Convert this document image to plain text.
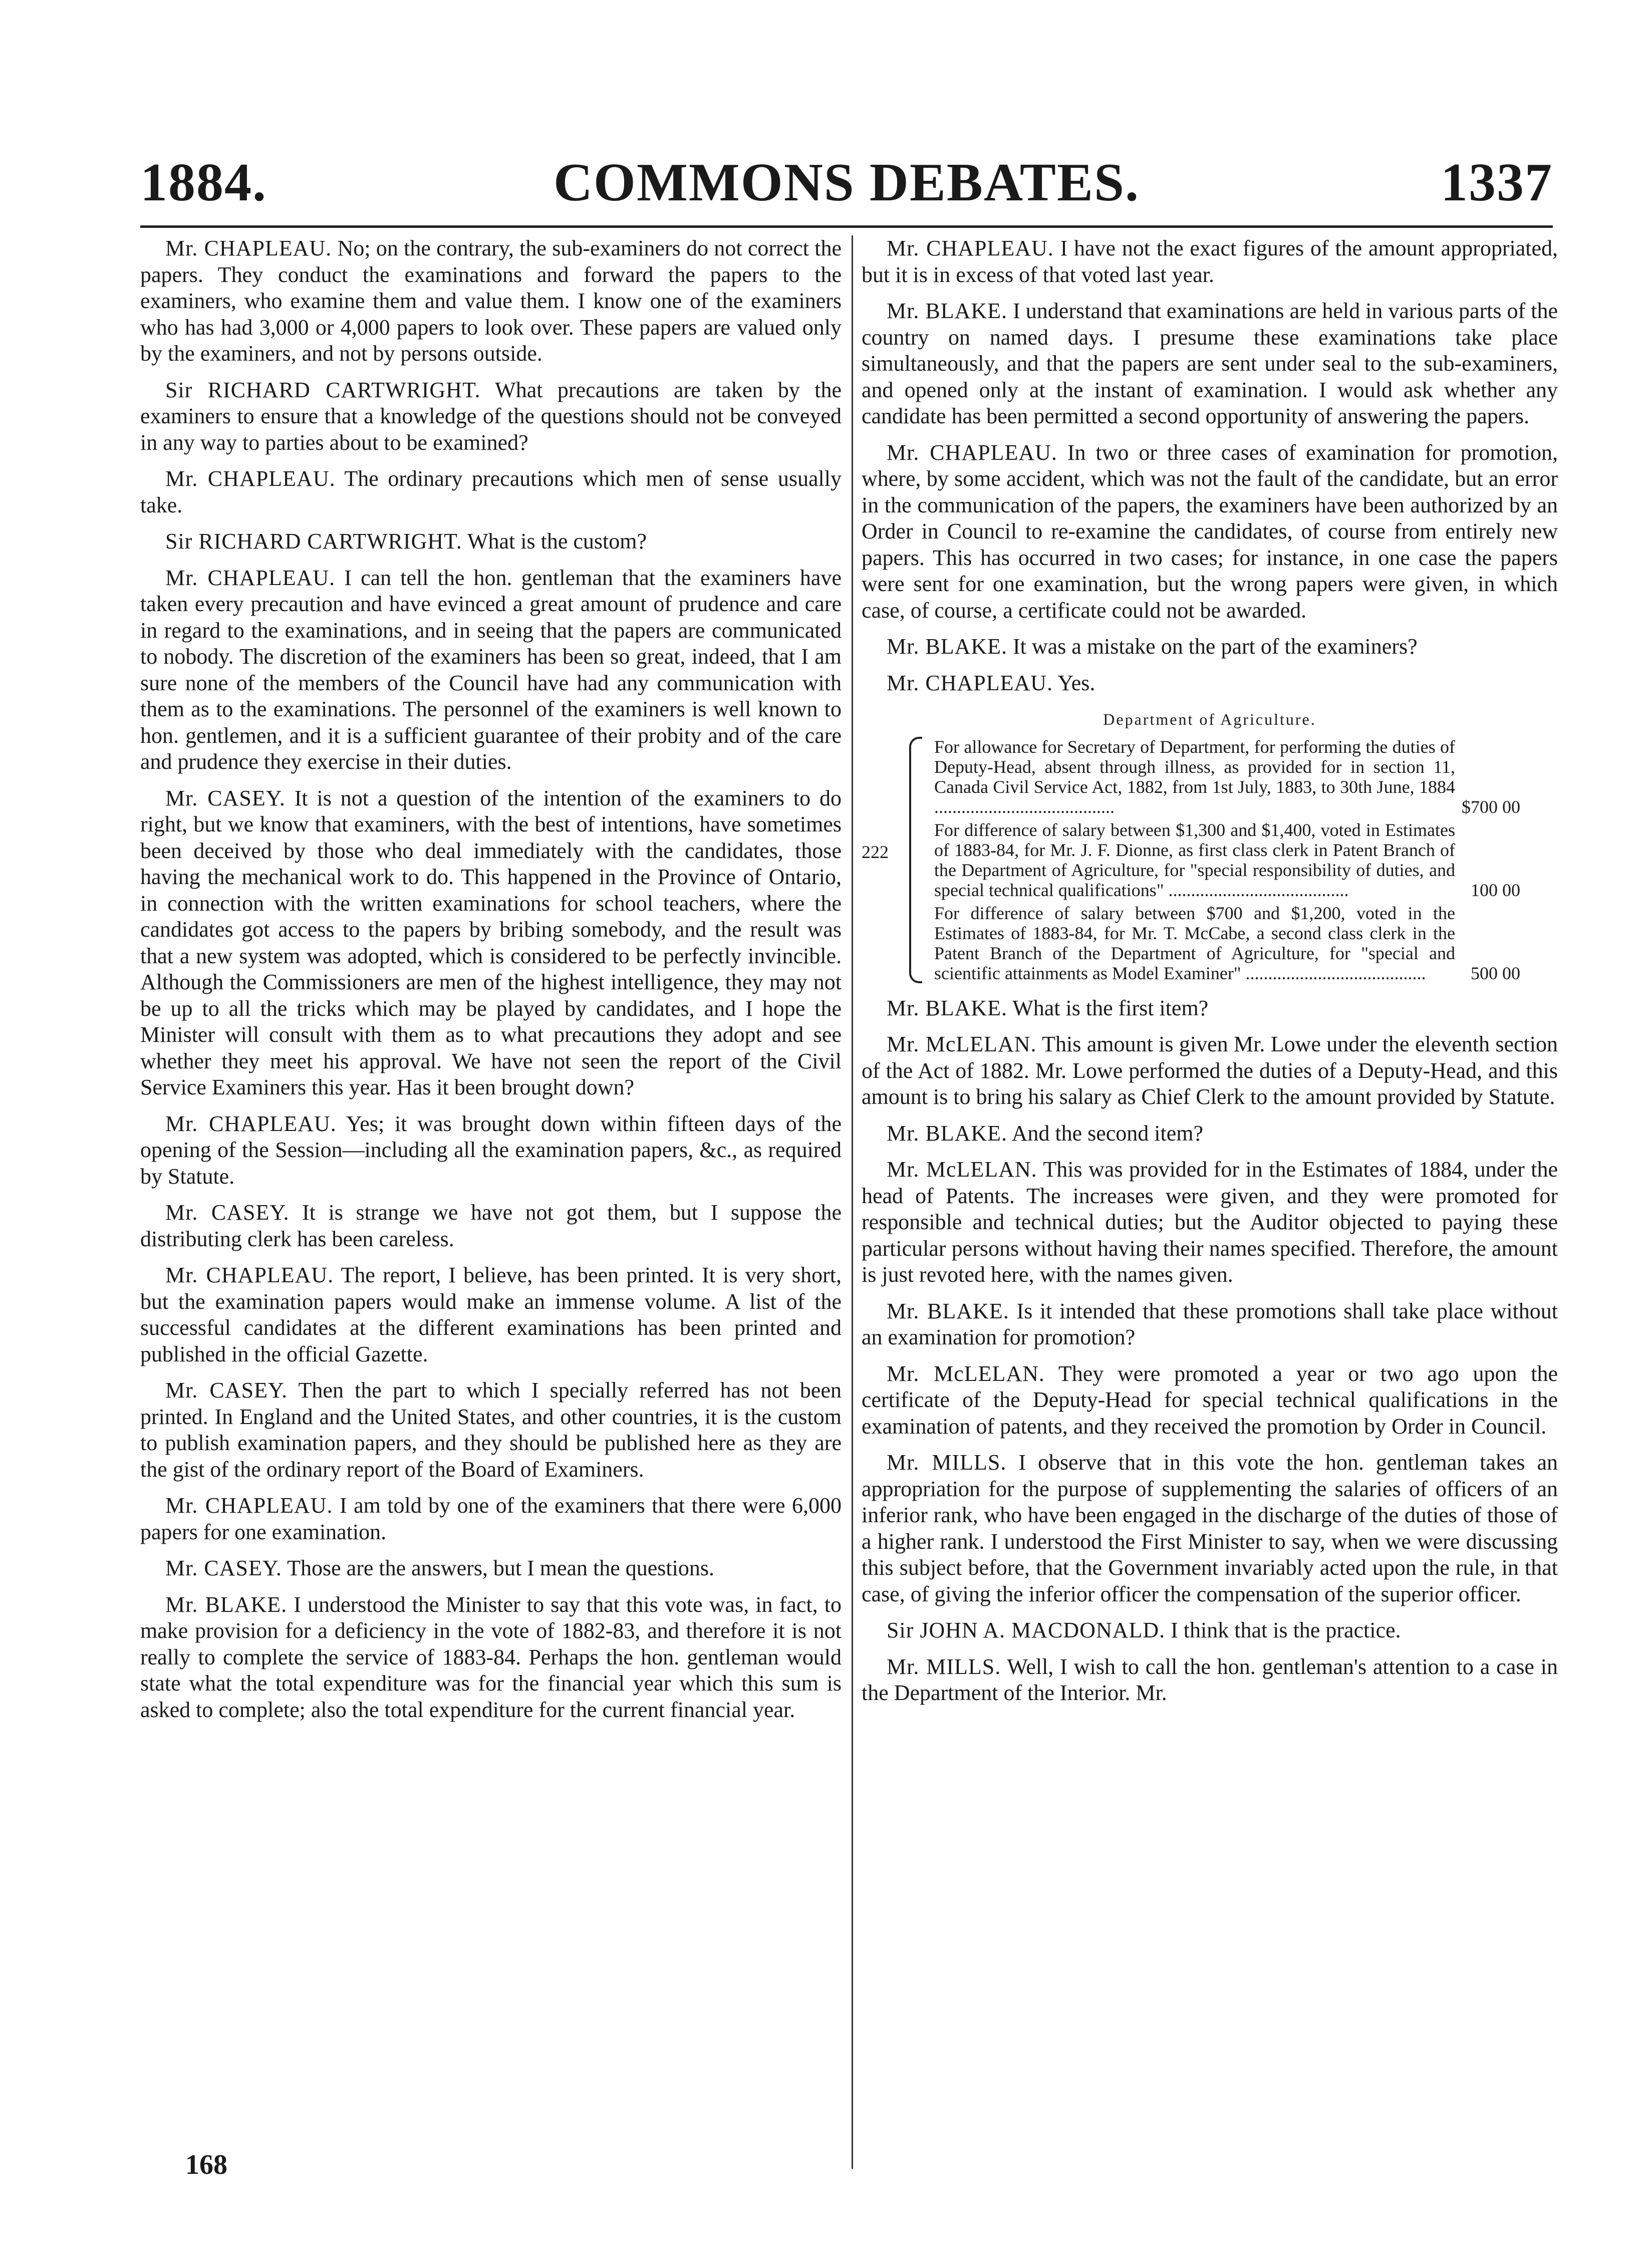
1884.	COMMONS DEBATES.	1337

Mr. CHAPLEAU. No; on the contrary, the sub-examiners do not correct the papers. They conduct the examinations and forward the papers to the examiners, who examine them and value them. I know one of the examiners who has had 3,000 or 4,000 papers to look over. These papers are valued only by the examiners, and not by persons outside.

Sir RICHARD CARTWRIGHT. What precautions are taken by the examiners to ensure that a knowledge of the questions should not be conveyed in any way to parties about to be examined?

Mr. CHAPLEAU. The ordinary precautions which men of sense usually take.

Sir RICHARD CARTWRIGHT. What is the custom?

Mr. CHAPLEAU. I can tell the hon. gentleman that the examiners have taken every precaution and have evinced a great amount of prudence and care in regard to the examinations, and in seeing that the papers are communicated to nobody. The discretion of the examiners has been so great, indeed, that I am sure none of the members of the Council have had any communication with them as to the examinations. The personnel of the examiners is well known to hon. gentlemen, and it is a sufficient guarantee of their probity and of the care and prudence they exercise in their duties.

Mr. CASEY. It is not a question of the intention of the examiners to do right, but we know that examiners, with the best of intentions, have sometimes been deceived by those who deal immediately with the candidates, those having the mechanical work to do. This happened in the Province of Ontario, in connection with the written examinations for school teachers, where the candidates got access to the papers by bribing somebody, and the result was that a new system was adopted, which is considered to be perfectly invincible. Although the Commissioners are men of the highest intelligence, they may not be up to all the tricks which may be played by candidates, and I hope the Minister will consult with them as to what precautions they adopt and see whether they meet his approval. We have not seen the report of the Civil Service Examiners this year. Has it been brought down?

Mr. CHAPLEAU. Yes; it was brought down within fifteen days of the opening of the Session—including all the examination papers, &c., as required by Statute.

Mr. CASEY. It is strange we have not got them, but I suppose the distributing clerk has been careless.

Mr. CHAPLEAU. The report, I believe, has been printed. It is very short, but the examination papers would make an immense volume. A list of the successful candidates at the different examinations has been printed and published in the official Gazette.

Mr. CASEY. Then the part to which I specially referred has not been printed. In England and the United States, and other countries, it is the custom to publish examination papers, and they should be published here as they are the gist of the ordinary report of the Board of Examiners.

Mr. CHAPLEAU. I am told by one of the examiners that there were 6,000 papers for one examination.

Mr. CASEY. Those are the answers, but I mean the questions.

Mr. BLAKE. I understood the Minister to say that this vote was, in fact, to make provision for a deficiency in the vote of 1882-83, and therefore it is not really to complete the service of 1883-84. Perhaps the hon. gentleman would state what the total expenditure was for the financial year which this sum is asked to complete; also the total expenditure for the current financial year.

Mr. CHAPLEAU. I have not the exact figures of the amount appropriated, but it is in excess of that voted last year.

Mr. BLAKE. I understand that examinations are held in various parts of the country on named days. I presume these examinations take place simultaneously, and that the papers are sent under seal to the sub-examiners, and opened only at the instant of examination. I would ask whether any candidate has been permitted a second opportunity of answering the papers.

Mr. CHAPLEAU. In two or three cases of examination for promotion, where, by some accident, which was not the fault of the candidate, but an error in the communication of the papers, the examiners have been authorized by an Order in Council to re-examine the candidates, of course from entirely new papers. This has occurred in two cases; for instance, in one case the papers were sent for one examination, but the wrong papers were given, in which case, of course, a certificate could not be awarded.

Mr. BLAKE. It was a mistake on the part of the examiners?

Mr. CHAPLEAU. Yes.

Department of Agriculture.
222
For allowance for Secretary of Department, for performing the duties of Deputy-Head, absent through illness, as provided for in section 11, Canada Civil Service Act, 1882, from 1st July, 1883, to 30th June, 1884 ........................................	$700 00
For difference of salary between $1,300 and $1,400, voted in Estimates of 1883-84, for Mr. J. F. Dionne, as first class clerk in Patent Branch of the Department of Agriculture, for "special responsibility of duties, and special technical qualifications" ........................................	100 00
For difference of salary between $700 and $1,200, voted in the Estimates of 1883-84, for Mr. T. McCabe, a second class clerk in the Patent Branch of the Department of Agriculture, for "special and scientific attainments as Model Examiner" ........................................	500 00

Mr. BLAKE. What is the first item?

Mr. McLELAN. This amount is given Mr. Lowe under the eleventh section of the Act of 1882. Mr. Lowe performed the duties of a Deputy-Head, and this amount is to bring his salary as Chief Clerk to the amount provided by Statute.

Mr. BLAKE. And the second item?

Mr. McLELAN. This was provided for in the Estimates of 1884, under the head of Patents. The increases were given, and they were promoted for responsible and technical duties; but the Auditor objected to paying these particular persons without having their names specified. Therefore, the amount is just revoted here, with the names given.

Mr. BLAKE. Is it intended that these promotions shall take place without an examination for promotion?

Mr. McLELAN. They were promoted a year or two ago upon the certificate of the Deputy-Head for special technical qualifications in the examination of patents, and they received the promotion by Order in Council.

Mr. MILLS. I observe that in this vote the hon. gentleman takes an appropriation for the purpose of supplementing the salaries of officers of an inferior rank, who have been engaged in the discharge of the duties of those of a higher rank. I understood the First Minister to say, when we were discussing this subject before, that the Government invariably acted upon the rule, in that case, of giving the inferior officer the compensation of the superior officer.

Sir JOHN A. MACDONALD. I think that is the practice.

Mr. MILLS. Well, I wish to call the hon. gentleman's attention to a case in the Department of the Interior. Mr.

168
